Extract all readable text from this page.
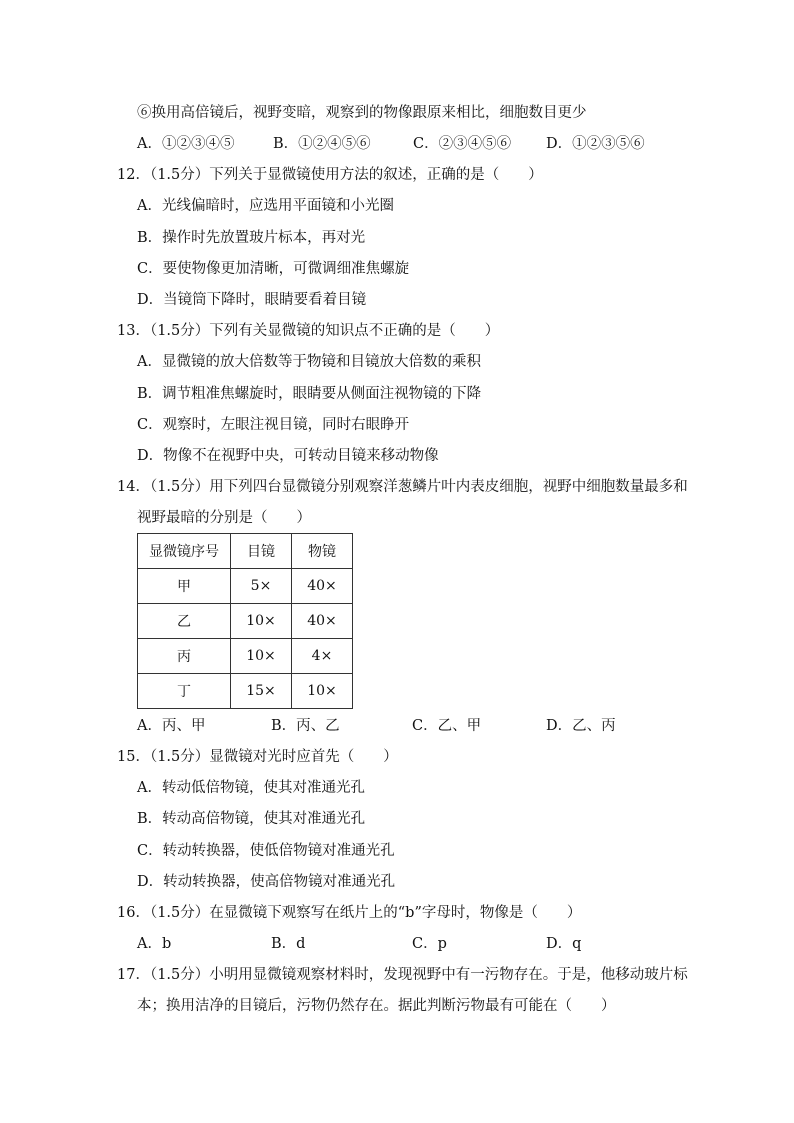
⑥换用高倍镜后，视野变暗，观察到的物像跟原来相比，细胞数目更少
A．①②③④⑤	B．①②④⑤⑥	C．②③④⑤⑥ D．①②③⑤⑥
12．（1.5分）下列关于显微镜使用方法的叙述，正确的是（　　）
A．光线偏暗时，应选用平面镜和小光圈
B．操作时先放置玻片标本，再对光
C．要使物像更加清晰，可微调细准焦螺旋
D．当镜筒下降时，眼睛要看着目镜
13．（1.5分）下列有关显微镜的知识点不正确的是（　　）
A．显微镜的放大倍数等于物镜和目镜放大倍数的乘积
B．调节粗准焦螺旋时，眼睛要从侧面注视物镜的下降
C．观察时，左眼注视目镜，同时右眼睁开
D．物像不在视野中央，可转动目镜来移动物像
14．（1.5分）用下列四台显微镜分别观察洋葱鳞片叶内表皮细胞，视野中细胞数量最多和
视野最暗的分别是（　　）
显微镜序号	目镜	物镜
甲	5×	40×
乙	10×	40×
丙	10×	4×
丁	15×	10×
A．丙、甲	B．丙、乙	C．乙、甲	D．乙、丙
15．（1.5分）显微镜对光时应首先（　　）
A．转动低倍物镜，使其对准通光孔
B．转动高倍物镜，使其对准通光孔
C．转动转换器，使低倍物镜对准通光孔
D．转动转换器，使高倍物镜对准通光孔
16．（1.5分）在显微镜下观察写在纸片上的“b”字母时，物像是（　　）
A．b	B．d	C．p	D．q
17．（1.5分）小明用显微镜观察材料时，发现视野中有一污物存在。于是，他移动玻片标
本；换用洁净的目镜后，污物仍然存在。据此判断污物最有可能在（　　）
